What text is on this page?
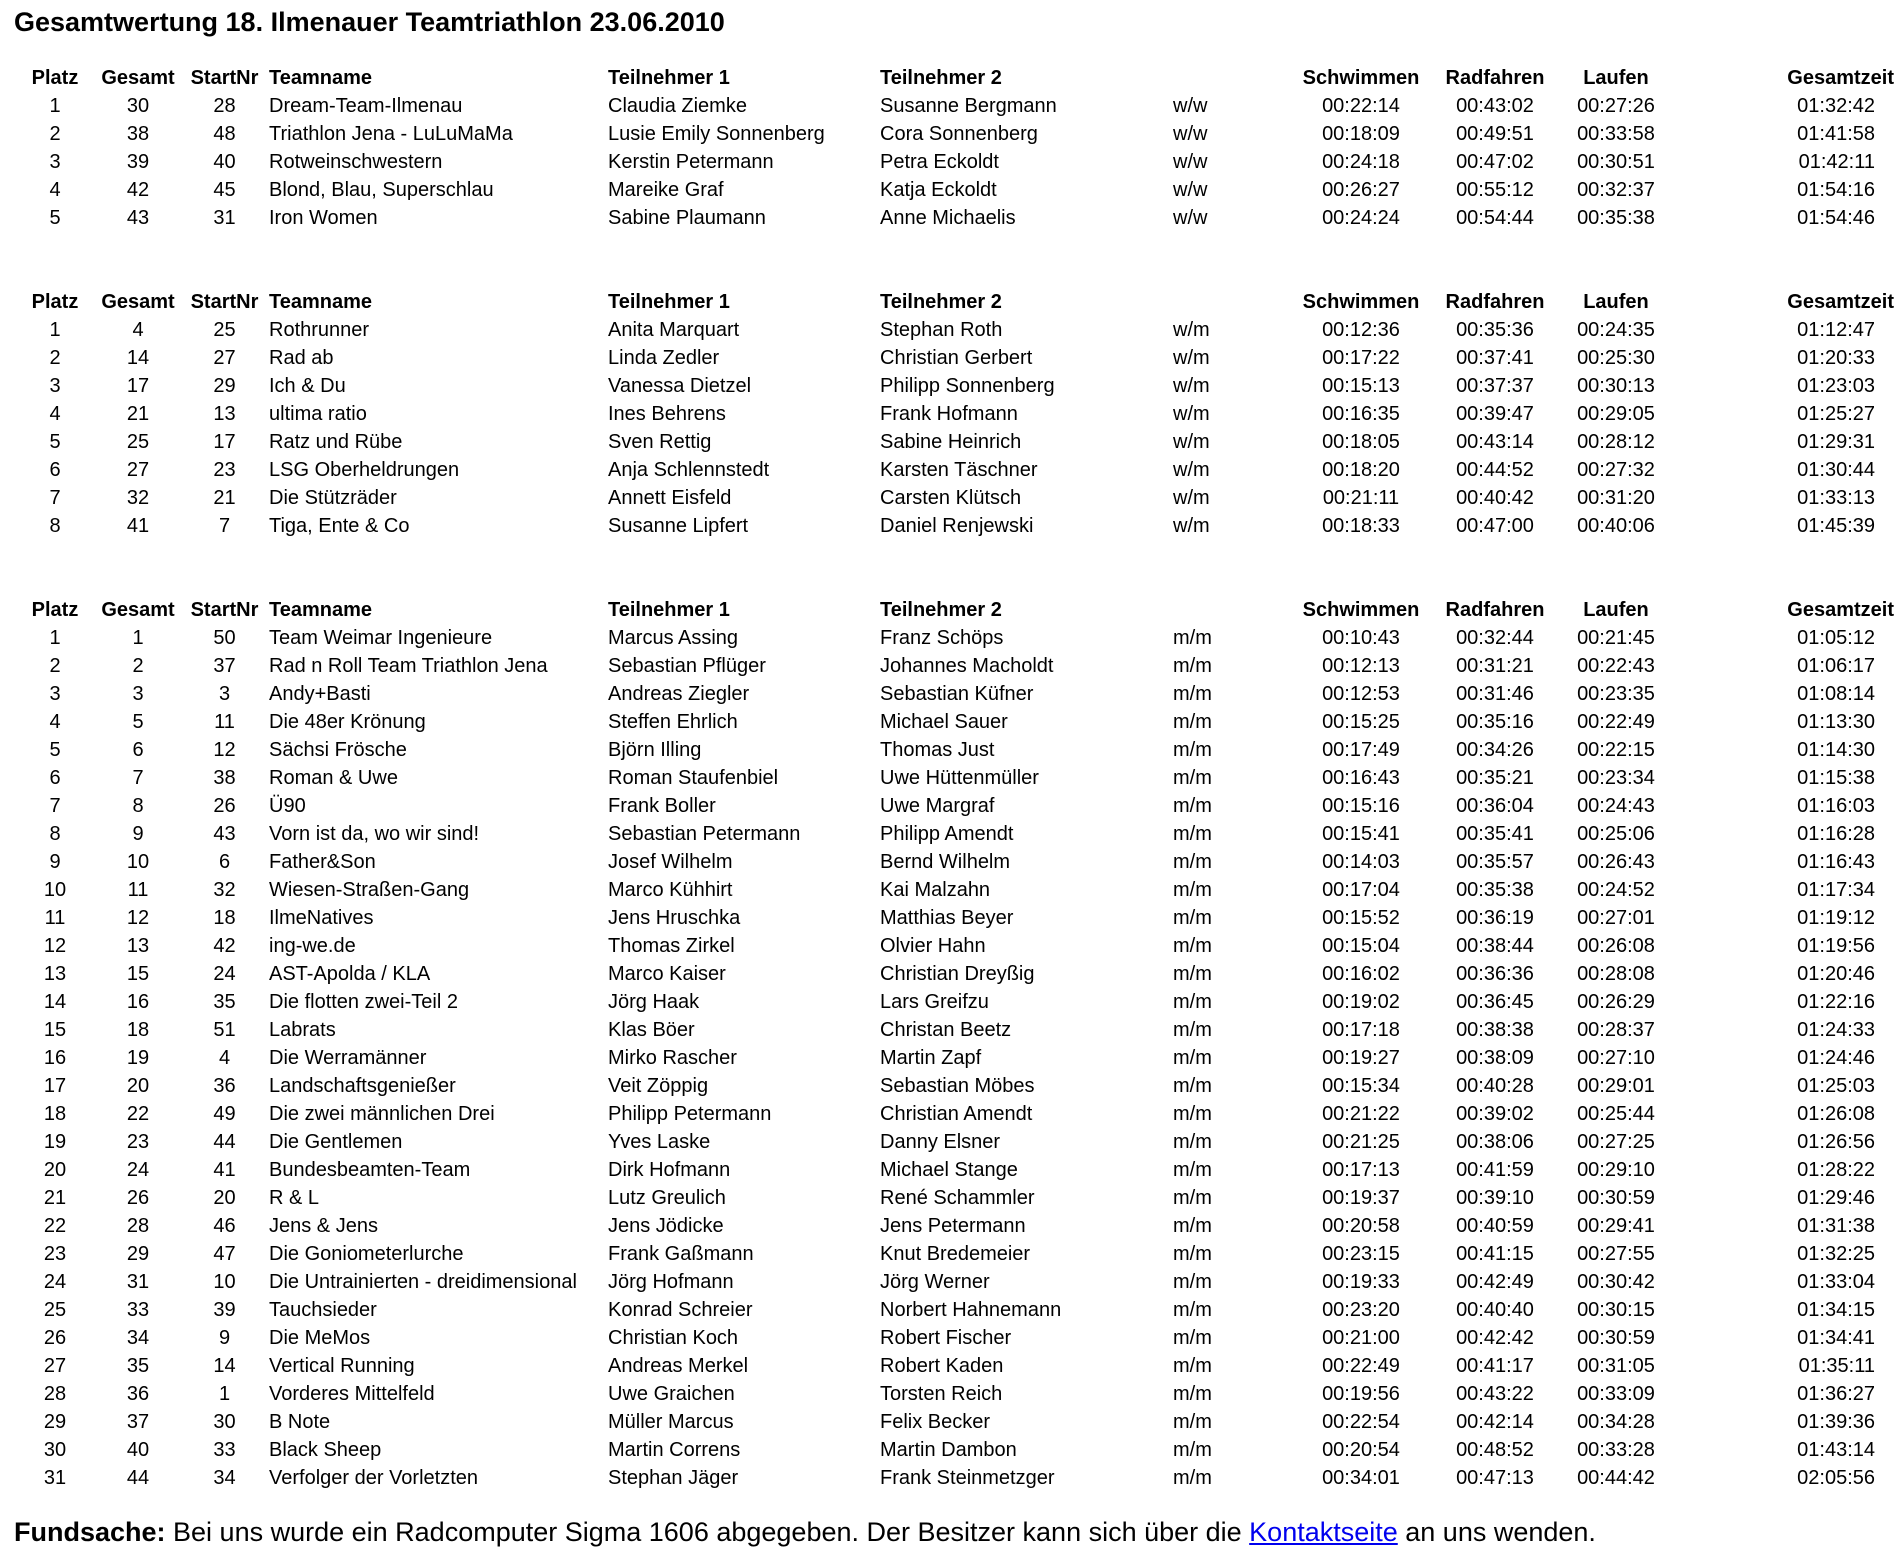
Gesamtwertung 18. Ilmenauer Teamtriathlon 23.06.2010
Platz	Gesamt	StartNr	Teamname	Teilnehmer 1	Teilnehmer 2		Schwimmen	Radfahren	Laufen	Gesamtzeit
1	30	28	Dream-Team-Ilmenau	Claudia Ziemke	Susanne Bergmann	w/w	00:22:14	00:43:02	00:27:26	01:32:42
2	38	48	Triathlon Jena - LuLuMaMa	Lusie Emily Sonnenberg	Cora Sonnenberg	w/w	00:18:09	00:49:51	00:33:58	01:41:58
3	39	40	Rotweinschwestern	Kerstin Petermann	Petra Eckoldt	w/w	00:24:18	00:47:02	00:30:51	01:42:11
4	42	45	Blond, Blau, Superschlau	Mareike Graf	Katja Eckoldt	w/w	00:26:27	00:55:12	00:32:37	01:54:16
5	43	31	Iron Women	Sabine Plaumann	Anne Michaelis	w/w	00:24:24	00:54:44	00:35:38	01:54:46
Platz	Gesamt	StartNr	Teamname	Teilnehmer 1	Teilnehmer 2		Schwimmen	Radfahren	Laufen	Gesamtzeit
1	4	25	Rothrunner	Anita Marquart	Stephan Roth	w/m	00:12:36	00:35:36	00:24:35	01:12:47
2	14	27	Rad ab	Linda Zedler	Christian Gerbert	w/m	00:17:22	00:37:41	00:25:30	01:20:33
3	17	29	Ich & Du	Vanessa Dietzel	Philipp Sonnenberg	w/m	00:15:13	00:37:37	00:30:13	01:23:03
4	21	13	ultima ratio	Ines Behrens	Frank Hofmann	w/m	00:16:35	00:39:47	00:29:05	01:25:27
5	25	17	Ratz und Rübe	Sven Rettig	Sabine Heinrich	w/m	00:18:05	00:43:14	00:28:12	01:29:31
6	27	23	LSG Oberheldrungen	Anja Schlennstedt	Karsten Täschner	w/m	00:18:20	00:44:52	00:27:32	01:30:44
7	32	21	Die Stützräder	Annett Eisfeld	Carsten Klütsch	w/m	00:21:11	00:40:42	00:31:20	01:33:13
8	41	7	Tiga, Ente & Co	Susanne Lipfert	Daniel Renjewski	w/m	00:18:33	00:47:00	00:40:06	01:45:39
Platz	Gesamt	StartNr	Teamname	Teilnehmer 1	Teilnehmer 2		Schwimmen	Radfahren	Laufen	Gesamtzeit
1	1	50	Team Weimar Ingenieure	Marcus Assing	Franz Schöps	m/m	00:10:43	00:32:44	00:21:45	01:05:12
2	2	37	Rad n Roll Team Triathlon Jena	Sebastian Pflüger	Johannes Macholdt	m/m	00:12:13	00:31:21	00:22:43	01:06:17
3	3	3	Andy+Basti	Andreas Ziegler	Sebastian Küfner	m/m	00:12:53	00:31:46	00:23:35	01:08:14
4	5	11	Die 48er Krönung	Steffen Ehrlich	Michael Sauer	m/m	00:15:25	00:35:16	00:22:49	01:13:30
5	6	12	Sächsi Frösche	Björn Illing	Thomas Just	m/m	00:17:49	00:34:26	00:22:15	01:14:30
6	7	38	Roman & Uwe	Roman Staufenbiel	Uwe Hüttenmüller	m/m	00:16:43	00:35:21	00:23:34	01:15:38
7	8	26	Ü90	Frank Boller	Uwe Margraf	m/m	00:15:16	00:36:04	00:24:43	01:16:03
8	9	43	Vorn ist da, wo wir sind!	Sebastian Petermann	Philipp Amendt	m/m	00:15:41	00:35:41	00:25:06	01:16:28
9	10	6	Father&Son	Josef Wilhelm	Bernd Wilhelm	m/m	00:14:03	00:35:57	00:26:43	01:16:43
10	11	32	Wiesen-Straßen-Gang	Marco Kühhirt	Kai Malzahn	m/m	00:17:04	00:35:38	00:24:52	01:17:34
11	12	18	IlmeNatives	Jens Hruschka	Matthias Beyer	m/m	00:15:52	00:36:19	00:27:01	01:19:12
12	13	42	ing-we.de	Thomas Zirkel	Olvier Hahn	m/m	00:15:04	00:38:44	00:26:08	01:19:56
13	15	24	AST-Apolda / KLA	Marco Kaiser	Christian Dreyßig	m/m	00:16:02	00:36:36	00:28:08	01:20:46
14	16	35	Die flotten zwei-Teil 2	Jörg Haak	Lars Greifzu	m/m	00:19:02	00:36:45	00:26:29	01:22:16
15	18	51	Labrats	Klas Böer	Christan Beetz	m/m	00:17:18	00:38:38	00:28:37	01:24:33
16	19	4	Die Werramänner	Mirko Rascher	Martin Zapf	m/m	00:19:27	00:38:09	00:27:10	01:24:46
17	20	36	Landschaftsgenießer	Veit Zöppig	Sebastian Möbes	m/m	00:15:34	00:40:28	00:29:01	01:25:03
18	22	49	Die zwei männlichen Drei	Philipp Petermann	Christian Amendt	m/m	00:21:22	00:39:02	00:25:44	01:26:08
19	23	44	Die Gentlemen	Yves Laske	Danny Elsner	m/m	00:21:25	00:38:06	00:27:25	01:26:56
20	24	41	Bundesbeamten-Team	Dirk Hofmann	Michael Stange	m/m	00:17:13	00:41:59	00:29:10	01:28:22
21	26	20	R & L	Lutz Greulich	René Schammler	m/m	00:19:37	00:39:10	00:30:59	01:29:46
22	28	46	Jens & Jens	Jens Jödicke	Jens Petermann	m/m	00:20:58	00:40:59	00:29:41	01:31:38
23	29	47	Die Goniometerlurche	Frank Gaßmann	Knut Bredemeier	m/m	00:23:15	00:41:15	00:27:55	01:32:25
24	31	10	Die Untrainierten - dreidimensional	Jörg Hofmann	Jörg Werner	m/m	00:19:33	00:42:49	00:30:42	01:33:04
25	33	39	Tauchsieder	Konrad Schreier	Norbert Hahnemann	m/m	00:23:20	00:40:40	00:30:15	01:34:15
26	34	9	Die MeMos	Christian Koch	Robert Fischer	m/m	00:21:00	00:42:42	00:30:59	01:34:41
27	35	14	Vertical Running	Andreas Merkel	Robert Kaden	m/m	00:22:49	00:41:17	00:31:05	01:35:11
28	36	1	Vorderes Mittelfeld	Uwe Graichen	Torsten Reich	m/m	00:19:56	00:43:22	00:33:09	01:36:27
29	37	30	B Note	Müller Marcus	Felix Becker	m/m	00:22:54	00:42:14	00:34:28	01:39:36
30	40	33	Black Sheep	Martin Correns	Martin Dambon	m/m	00:20:54	00:48:52	00:33:28	01:43:14
31	44	34	Verfolger der Vorletzten	Stephan Jäger	Frank Steinmetzger	m/m	00:34:01	00:47:13	00:44:42	02:05:56

Fundsache: Bei uns wurde ein Radcomputer Sigma 1606 abgegeben. Der Besitzer kann sich über die Kontaktseite an uns wenden.
